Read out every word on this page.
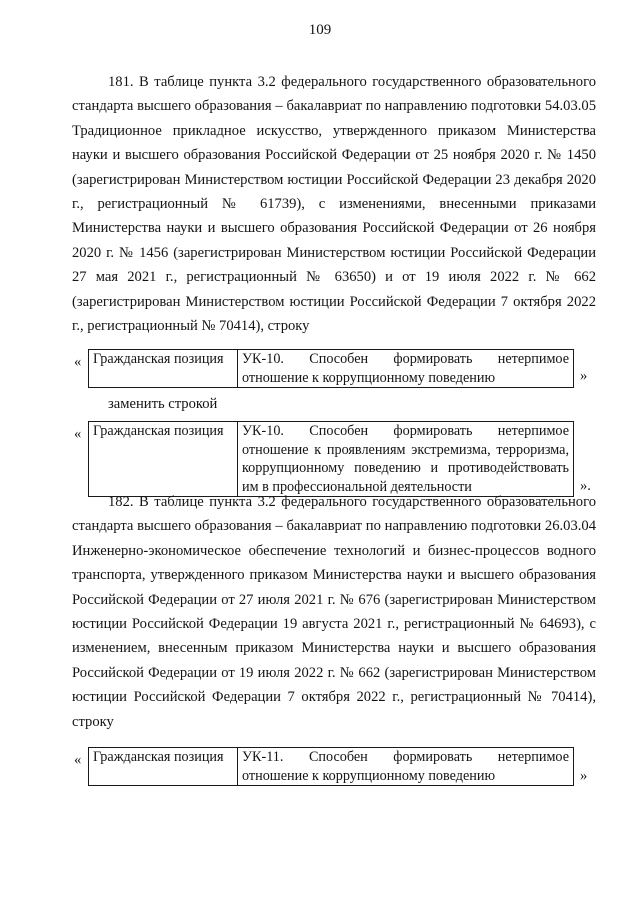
109

181. В таблице пункта 3.2 федерального государственного образовательного стандарта высшего образования – бакалавриат по направлению подготовки 54.03.05 Традиционное прикладное искусство, утвержденного приказом Министерства науки и высшего образования Российской Федерации от 25 ноября 2020 г. № 1450 (зарегистрирован Министерством юстиции Российской Федерации 23 декабря 2020 г., регистрационный № 61739), с изменениями, внесенными приказами Министерства науки и высшего образования Российской Федерации от 26 ноября 2020 г. № 1456 (зарегистрирован Министерством юстиции Российской Федерации 27 мая 2021 г., регистрационный № 63650) и от 19 июля 2022 г. № 662 (зарегистрирован Министерством юстиции Российской Федерации 7 октября 2022 г., регистрационный № 70414), строку

« Гражданская позиция	УК-10. Способен формировать нетерпимое отношение к коррупционному поведению	»
заменить строкой
« Гражданская позиция	УК-10. Способен формировать нетерпимое отношение к проявлениям экстремизма, терроризма, коррупционному поведению и противодействовать им в профессиональной деятельности	».

182. В таблице пункта 3.2 федерального государственного образовательного стандарта высшего образования – бакалавриат по направлению подготовки 26.03.04 Инженерно-экономическое обеспечение технологий и бизнес-процессов водного транспорта, утвержденного приказом Министерства науки и высшего образования Российской Федерации от 27 июля 2021 г. № 676 (зарегистрирован Министерством юстиции Российской Федерации 19 августа 2021 г., регистрационный № 64693), с изменением, внесенным приказом Министерства науки и высшего образования Российской Федерации от 19 июля 2022 г. № 662 (зарегистрирован Министерством юстиции Российской Федерации 7 октября 2022 г., регистрационный № 70414), строку

« Гражданская позиция	УК-11. Способен формировать нетерпимое отношение к коррупционному поведению	»
